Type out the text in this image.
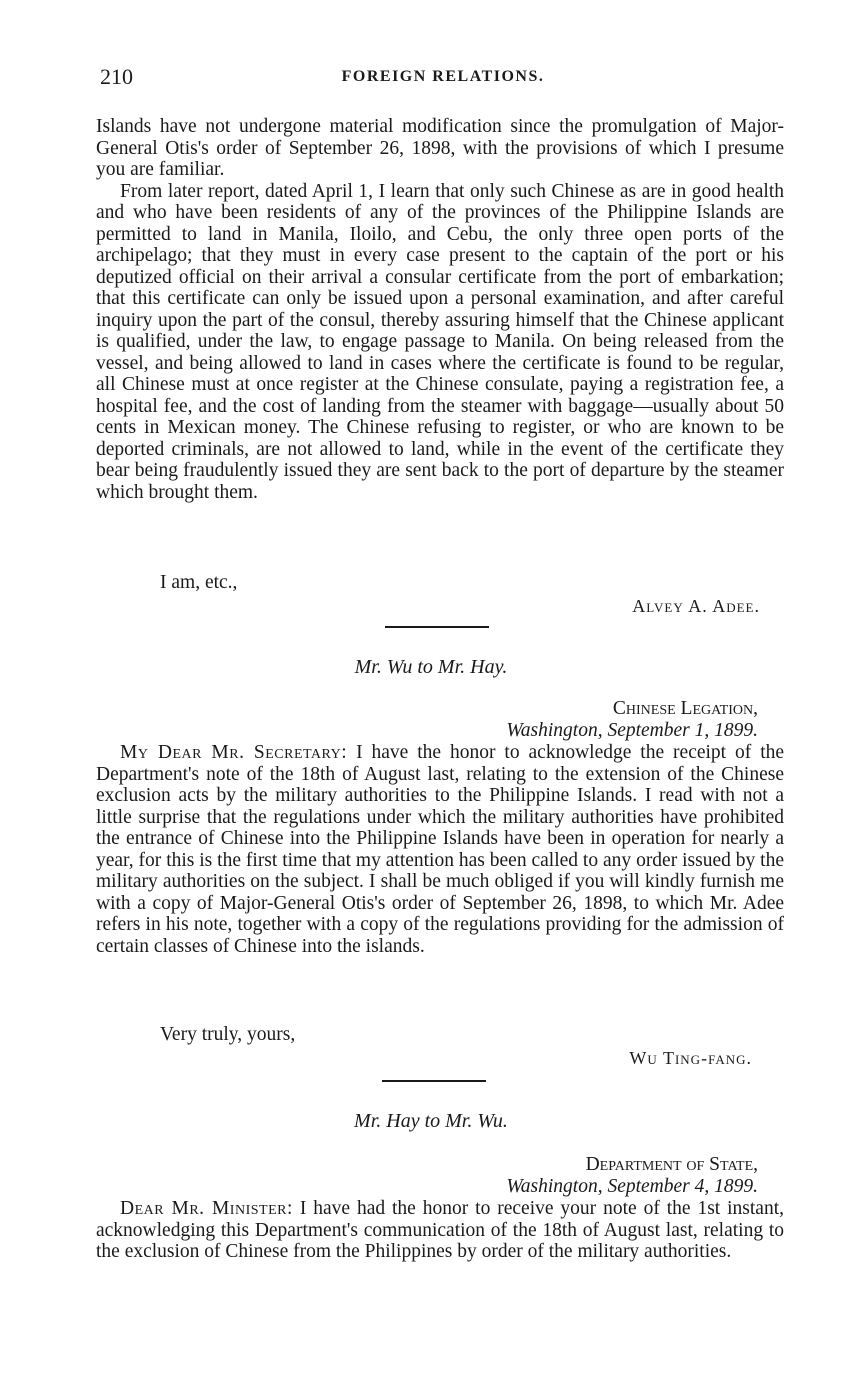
210	FOREIGN RELATIONS.

Islands have not undergone material modification since the promulgation of Major-General Otis's order of September 26, 1898, with the provisions of which I presume you are familiar.

From later report, dated April 1, I learn that only such Chinese as are in good health and who have been residents of any of the provinces of the Philippine Islands are permitted to land in Manila, Iloilo, and Cebu, the only three open ports of the archipelago; that they must in every case present to the captain of the port or his deputized official on their arrival a consular certificate from the port of embarkation; that this certificate can only be issued upon a personal examination, and after careful inquiry upon the part of the consul, thereby assuring himself that the Chinese applicant is qualified, under the law, to engage passage to Manila. On being released from the vessel, and being allowed to land in cases where the certificate is found to be regular, all Chinese must at once register at the Chinese consulate, paying a registration fee, a hospital fee, and the cost of landing from the steamer with baggage—usually about 50 cents in Mexican money. The Chinese refusing to register, or who are known to be deported criminals, are not allowed to land, while in the event of the certificate they bear being fraudulently issued they are sent back to the port of departure by the steamer which brought them.

I am, etc.,
Alvey A. Adee.
Mr. Wu to Mr. Hay.
Chinese Legation,
Washington, September 1, 1899.

My Dear Mr. Secretary: I have the honor to acknowledge the receipt of the Department's note of the 18th of August last, relating to the extension of the Chinese exclusion acts by the military authorities to the Philippine Islands. I read with not a little surprise that the regulations under which the military authorities have prohibited the entrance of Chinese into the Philippine Islands have been in operation for nearly a year, for this is the first time that my attention has been called to any order issued by the military authorities on the subject. I shall be much obliged if you will kindly furnish me with a copy of Major-General Otis's order of September 26, 1898, to which Mr. Adee refers in his note, together with a copy of the regulations providing for the admission of certain classes of Chinese into the islands.

Very truly, yours,
Wu Ting-fang.
Mr. Hay to Mr. Wu.
Department of State,
Washington, September 4, 1899.

Dear Mr. Minister: I have had the honor to receive your note of the 1st instant, acknowledging this Department's communication of the 18th of August last, relating to the exclusion of Chinese from the Philippines by order of the military authorities.
